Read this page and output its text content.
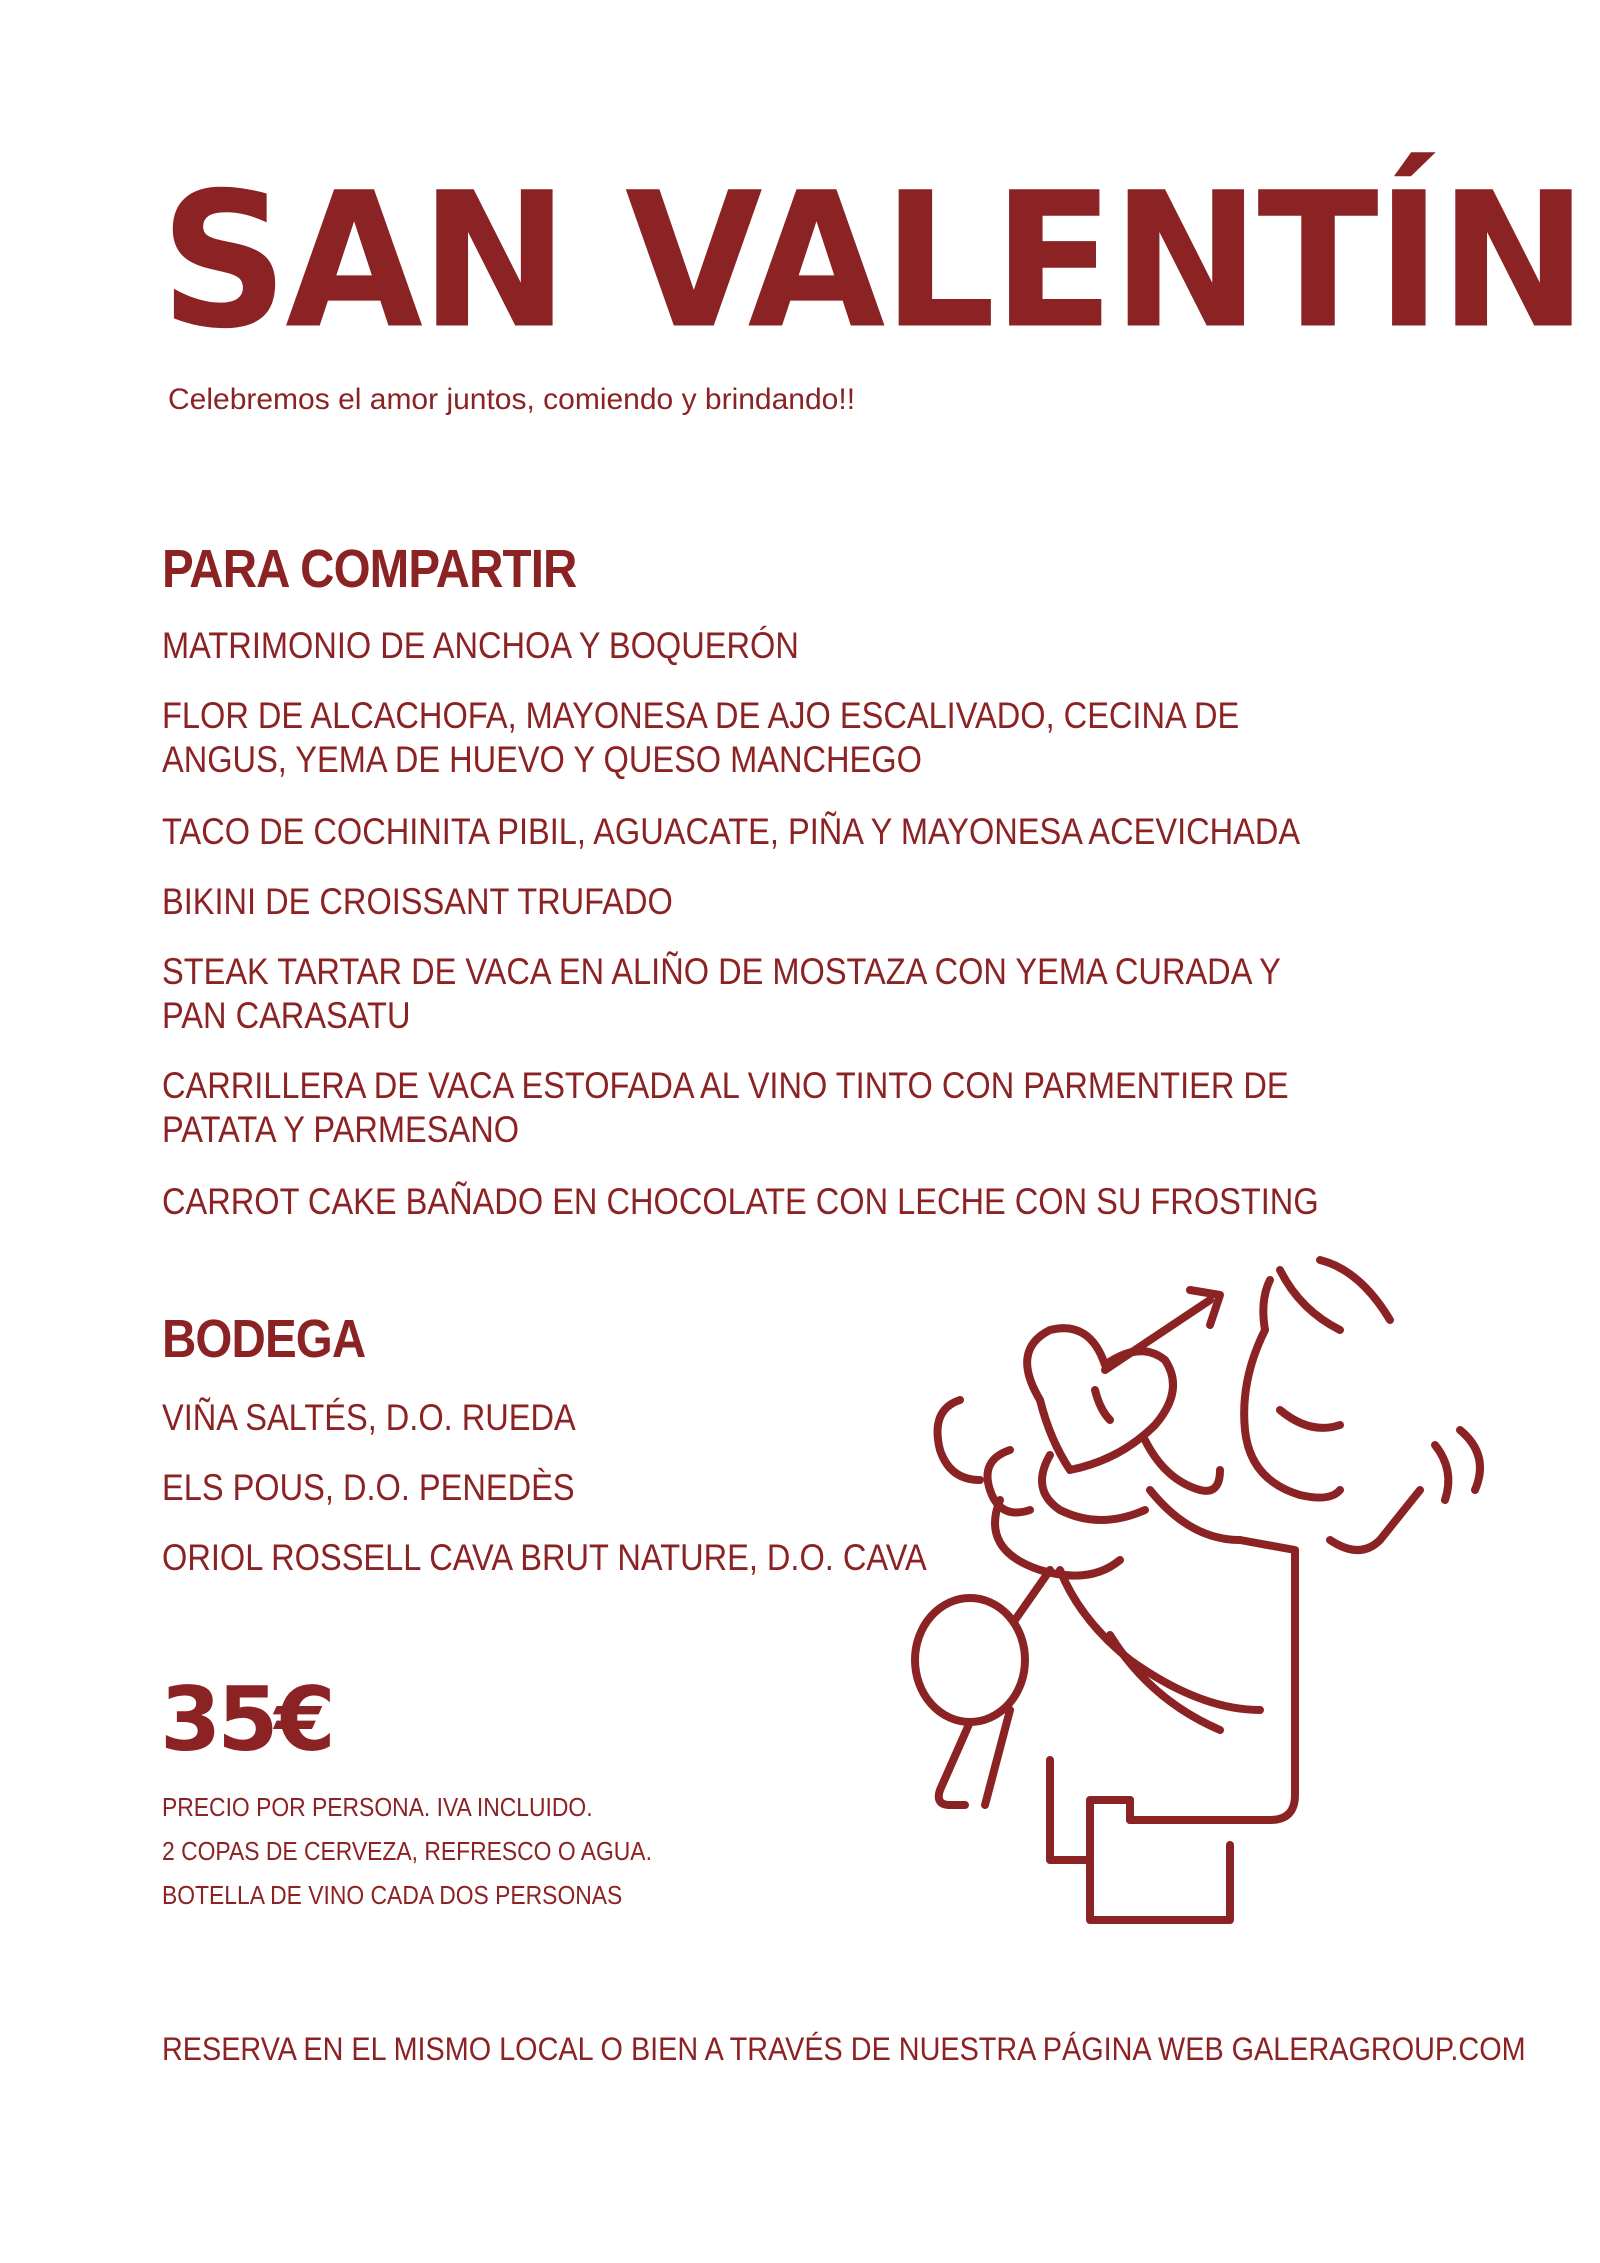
SAN VALENTÍN

Celebremos el amor juntos, comiendo y brindando!!

PARA COMPARTIR

MATRIMONIO DE ANCHOA Y BOQUERÓN

FLOR DE ALCACHOFA, MAYONESA DE AJO ESCALIVADO, CECINA DE

ANGUS, YEMA DE HUEVO Y QUESO MANCHEGO

TACO DE COCHINITA PIBIL, AGUACATE, PIÑA Y MAYONESA ACEVICHADA

BIKINI DE CROISSANT TRUFADO

STEAK TARTAR DE VACA EN ALIÑO DE MOSTAZA CON YEMA CURADA Y

PAN CARASATU

CARRILLERA DE VACA ESTOFADA AL VINO TINTO CON PARMENTIER DE

PATATA Y PARMESANO

CARROT CAKE BAÑADO EN CHOCOLATE CON LECHE CON SU FROSTING

BODEGA

VIÑA SALTÉS, D.O. RUEDA

ELS POUS, D.O. PENEDÈS

ORIOL ROSSELL CAVA BRUT NATURE, D.O. CAVA

35€

PRECIO POR PERSONA. IVA INCLUIDO.

2 COPAS DE CERVEZA, REFRESCO O AGUA.

BOTELLA DE VINO CADA DOS PERSONAS

RESERVA EN EL MISMO LOCAL O BIEN A TRAVÉS DE NUESTRA PÁGINA WEB GALERAGROUP.COM
